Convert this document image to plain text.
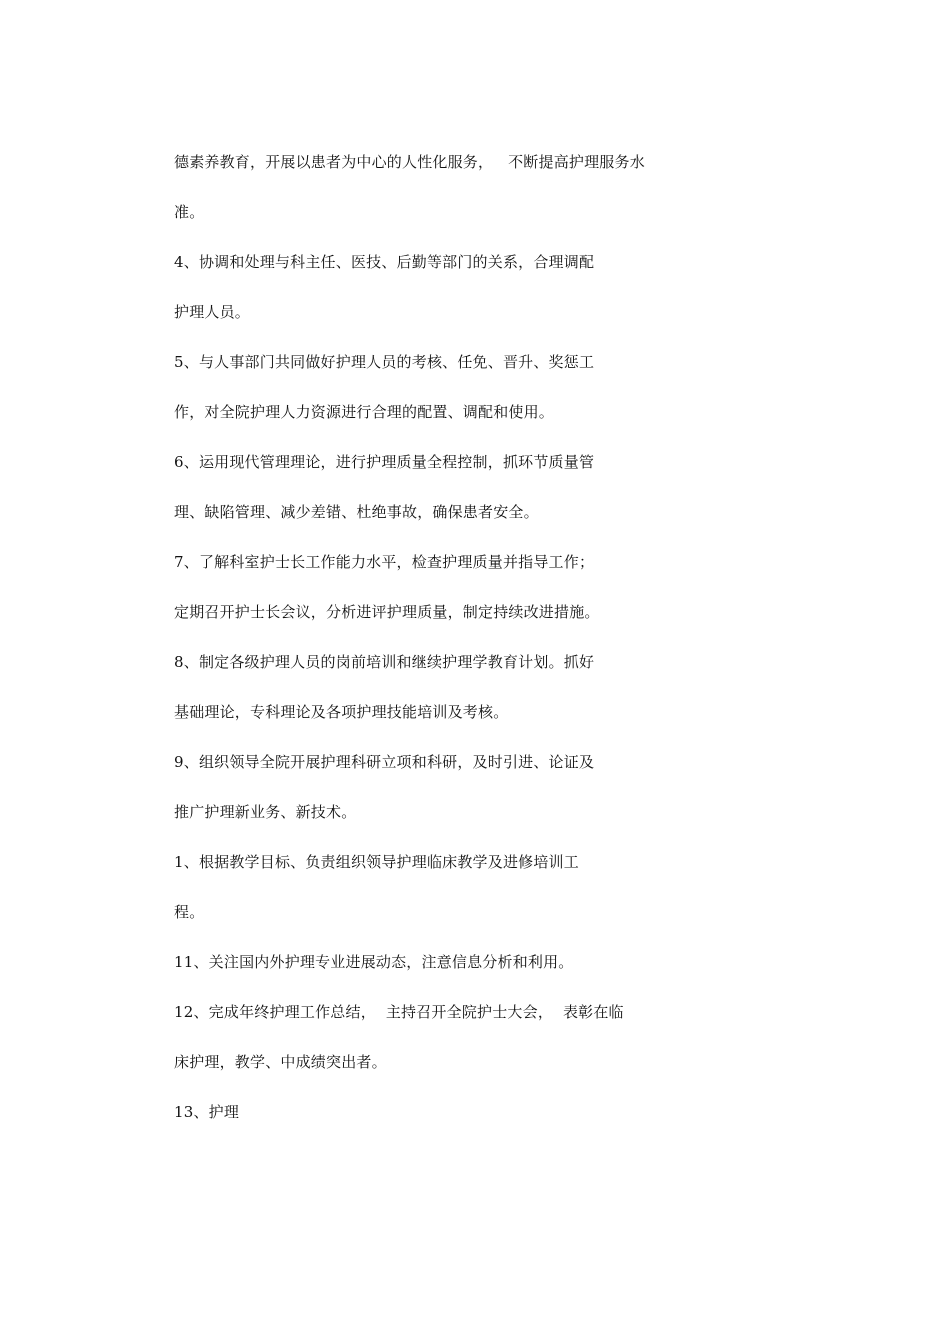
德素养教育，开展以患者为中心的人性化服务，   不断提高护理服务水
准。
4、协调和处理与科主任、医技、后勤等部门的关系，合理调配
护理人员。
5、与人事部门共同做好护理人员的考核、任免、晋升、奖惩工
作，对全院护理人力资源进行合理的配置、调配和使用。
6、运用现代管理理论，进行护理质量全程控制，抓环节质量管
理、缺陷管理、减少差错、杜绝事故，确保患者安全。
7、了解科室护士长工作能力水平，检查护理质量并指导工作；
定期召开护士长会议，分析进评护理质量，制定持续改进措施。
8、制定各级护理人员的岗前培训和继续护理学教育计划。抓好
基础理论，专科理论及各项护理技能培训及考核。
9、组织领导全院开展护理科研立项和科研，及时引进、论证及
推广护理新业务、新技术。
1、根据教学目标、负责组织领导护理临床教学及进修培训工
程。
11、关注国内外护理专业进展动态，注意信息分析和利用。
12、完成年终护理工作总结，  主持召开全院护士大会，  表彰在临
床护理，教学、中成绩突出者。
13、护理
